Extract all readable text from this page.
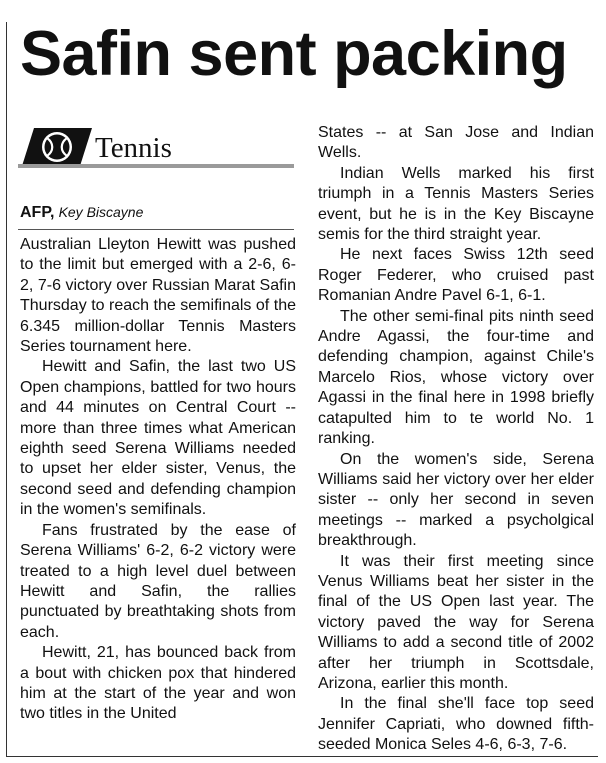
Safin sent packing
Tennis
AFP, Key Biscayne

Australian Lleyton Hewitt was pushed to the limit but emerged with a 2-6, 6-2, 7-6 victory over Russian Marat Safin Thursday to reach the semifinals of the 6.345 million-dollar Tennis Masters Series tournament here.

Hewitt and Safin, the last two US Open champions, battled for two hours and 44 minutes on Central Court -- more than three times what American eighth seed Serena Williams needed to upset her elder sister, Venus, the second seed and defending champion in the women's semifinals.

Fans frustrated by the ease of Serena Williams' 6-2, 6-2 victory were treated to a high level duel between Hewitt and Safin, the rallies punctuated by breathtaking shots from each.

Hewitt, 21, has bounced back from a bout with chicken pox that hindered him at the start of the year and won two titles in the United

States -- at San Jose and Indian Wells.

Indian Wells marked his first triumph in a Tennis Masters Series event, but he is in the Key Biscayne semis for the third straight year.

He next faces Swiss 12th seed Roger Federer, who cruised past Romanian Andre Pavel 6-1, 6-1.

The other semi-final pits ninth seed Andre Agassi, the four-time and defending champion, against Chile's Marcelo Rios, whose victory over Agassi in the final here in 1998 briefly catapulted him to te world No. 1 ranking.

On the women's side, Serena Williams said her victory over her elder sister -- only her second in seven meetings -- marked a psycholgical breakthrough.

It was their first meeting since Venus Williams beat her sister in the final of the US Open last year. The victory paved the way for Serena Williams to add a second title of 2002 after her triumph in Scottsdale, Arizona, earlier this month.

In the final she'll face top seed Jennifer Capriati, who downed fifth-seeded Monica Seles 4-6, 6-3, 7-6.
